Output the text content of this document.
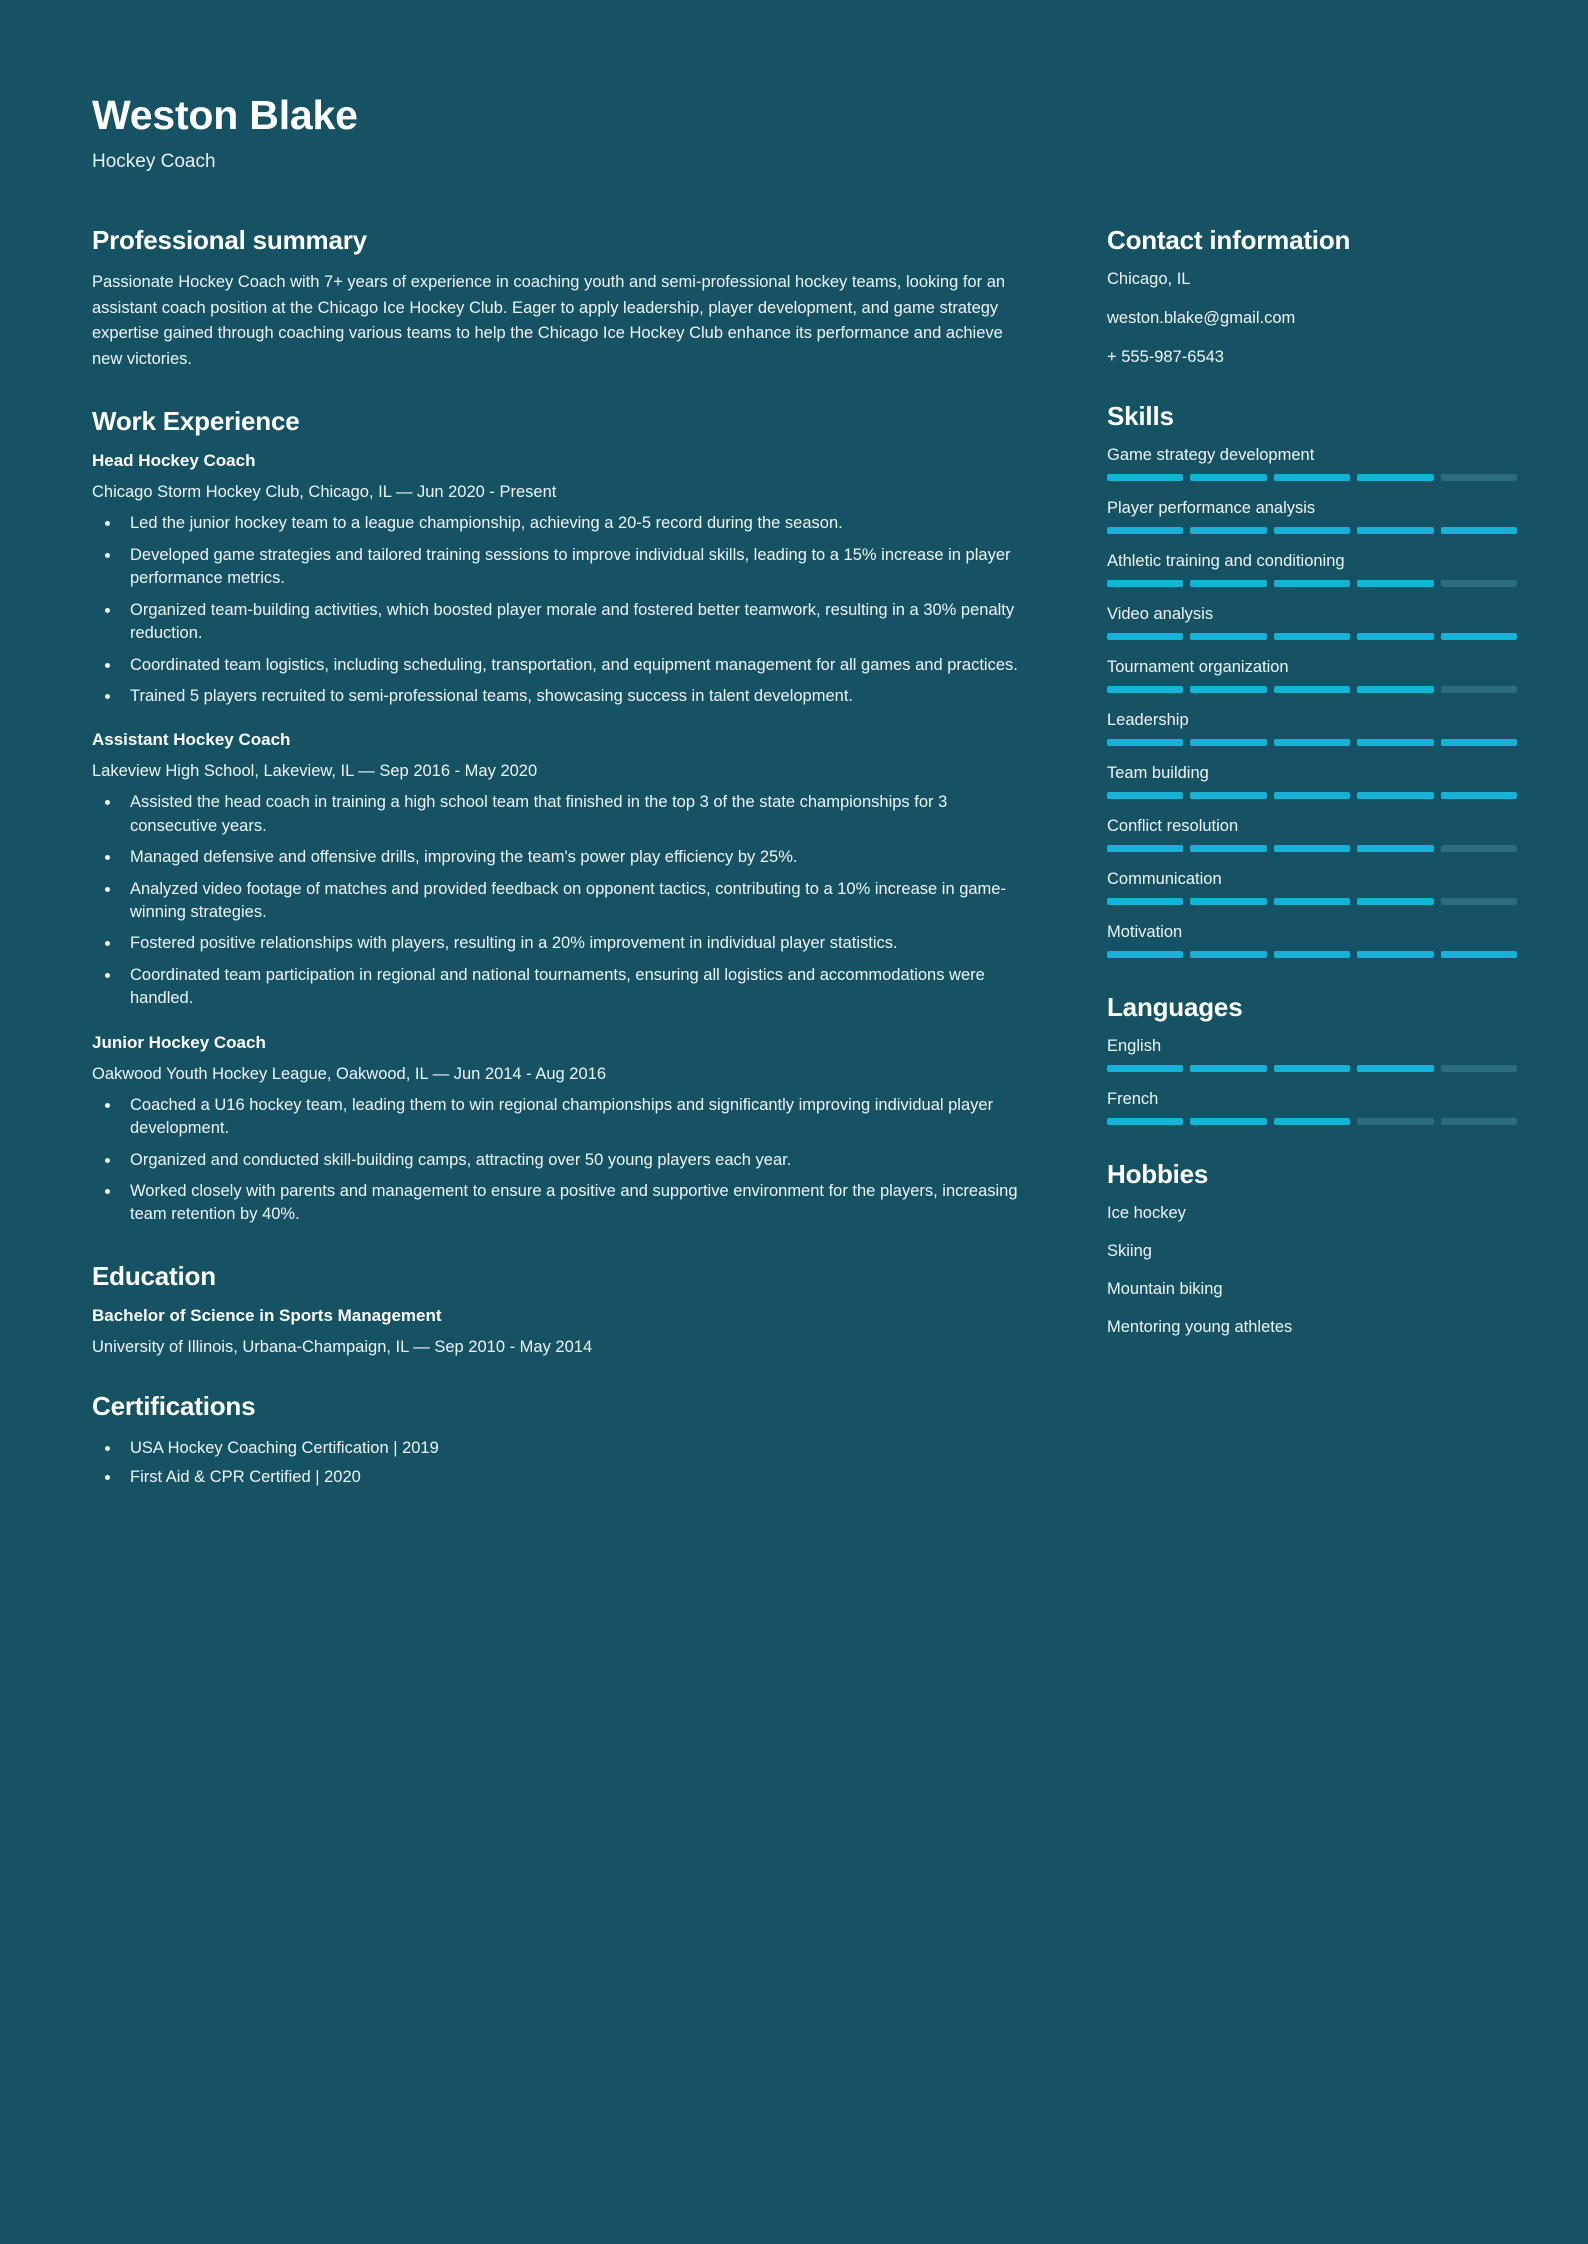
Weston Blake
Hockey Coach
Professional summary

Passionate Hockey Coach with 7+ years of experience in coaching youth and semi-professional hockey teams, looking for an assistant coach position at the Chicago Ice Hockey Club. Eager to apply leadership, player development, and game strategy expertise gained through coaching various teams to help the Chicago Ice Hockey Club enhance its performance and achieve new victories.

Work Experience
Head Hockey Coach
Chicago Storm Hockey Club, Chicago, IL — Jun 2020 - Present
Led the junior hockey team to a league championship, achieving a 20-5 record during the season.
Developed game strategies and tailored training sessions to improve individual skills, leading to a 15% increase in player performance metrics.
Organized team-building activities, which boosted player morale and fostered better teamwork, resulting in a 30% penalty reduction.
Coordinated team logistics, including scheduling, transportation, and equipment management for all games and practices.
Trained 5 players recruited to semi-professional teams, showcasing success in talent development.
Assistant Hockey Coach
Lakeview High School, Lakeview, IL — Sep 2016 - May 2020
Assisted the head coach in training a high school team that finished in the top 3 of the state championships for 3 consecutive years.
Managed defensive and offensive drills, improving the team's power play efficiency by 25%.
Analyzed video footage of matches and provided feedback on opponent tactics, contributing to a 10% increase in game-winning strategies.
Fostered positive relationships with players, resulting in a 20% improvement in individual player statistics.
Coordinated team participation in regional and national tournaments, ensuring all logistics and accommodations were handled.
Junior Hockey Coach
Oakwood Youth Hockey League, Oakwood, IL — Jun 2014 - Aug 2016
Coached a U16 hockey team, leading them to win regional championships and significantly improving individual player development.
Organized and conducted skill-building camps, attracting over 50 young players each year.
Worked closely with parents and management to ensure a positive and supportive environment for the players, increasing team retention by 40%.
Education
Bachelor of Science in Sports Management
University of Illinois, Urbana-Champaign, IL — Sep 2010 - May 2014
Certifications
USA Hockey Coaching Certification | 2019
First Aid & CPR Certified | 2020
Contact information
Chicago, IL
weston.blake@gmail.com
+ 555-987-6543
Skills
Game strategy development
Player performance analysis
Athletic training and conditioning
Video analysis
Tournament organization
Leadership
Team building
Conflict resolution
Communication
Motivation
Languages
English
French
Hobbies
Ice hockey
Skiing
Mountain biking
Mentoring young athletes
